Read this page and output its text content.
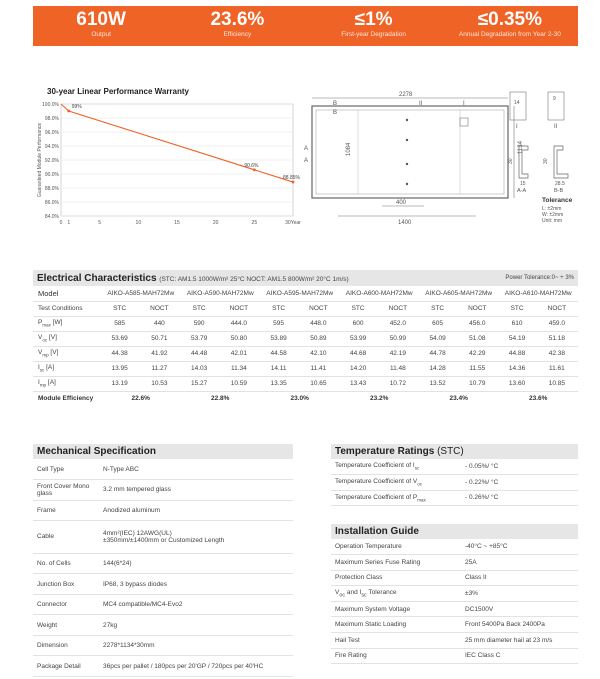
610W
Output
23.6%
Efficiency
≤1%
First-year Degradation
≤0.35%
Annual Degradation from Year 2-30
30-year Linear Performance Warranty
100.0%
98.0%
96.0%
94.0%
92.0%
90.0%
88.0%
86.0%
84.0%
0 1	5	10	15	20	25	30Year
Guaranteed Module Performance
99%
90.6%
88.85%
2278
B
B
II	I
A
A
1084	1134
400
1400
14
I
9
II
30
15
A-A
30
28.5
B-B
Tolerance
L: ±2mm
W: ±2mm
Unit: mm
Electrical Characteristics (STC: AM1.5 1000W/m² 25°C NOCT: AM1.5 800W/m² 20°C 1m/s)	Power Tolerance:0~ + 3%
Model	AIKO-A585-MAH72Mw		AIKO-A590-MAH72Mw		AIKO-A595-MAH72Mw		AIKO-A600-MAH72Mw		AIKO-A605-MAH72Mw		AIKO-A610-MAH72Mw	
Test Conditions	STC	NOCT	STC	NOCT	STC	NOCT	STC	NOCT	STC	NOCT	STC	NOCT
$P_{max}$ [W]	585	440	590	444.0	595	448.0	600	452.0	605	456.0	610	459.0
$V_{oc}$ [V]	53.69	50.71	53.79	50.80	53.89	50.89	53.99	50.99	54.09	51.08	54.19	51.18
$V_{mp}$ [V]	44.38	41.92	44.48	42.01	44.58	42.10	44.68	42.19	44.78	42.29	44.88	42.38
$I_{sc}$ [A]	13.95	11.27	14.03	11.34	14.11	11.41	14.20	11.48	14.28	11.55	14.36	11.61
$I_{mp}$ [A]	13.19	10.53	15.27	10.59	13.35	10.65	13.43	10.72	13.52	10.79	13.60	10.85
Module Efficiency	22.6%		22.8%		23.0%		23.2%		23.4%		23.6%	
Mechanical Specification
Cell Type	N-Type ABC

Front Cover Mono glass	3.2 mm tempered glass

Frame	Anodized aluminum

Cable	4mm²(IEC) 12AWG(UL)
±350mm/±1400mm or Customized Length

No. of Cells	144(6*24)

Junction Box	IP68, 3 bypass diodes

Connector	MC4 compatible/MC4-Evo2

Weight	27kg

Dimension	2278*1134*30mm

Package Detail	36pcs per pallet / 180pcs per 20'GP / 720pcs per 40'HC
Temperature Ratings (STC)
Temperature Coefficient of $I_{sc}$	- 0.05%/ °C

Temperature Coefficient of $V_{oc}$	- 0.22%/ °C

Temperature Coefficient of $P_{max}$	- 0.26%/ °C
Installation Guide
Operation Temperature	-40°C ~ +85°C

Maximum Series Fuse Rating	25A

Protection Class	Class II

$V_{oc}$ and $I_{sc}$ Tolerance	±3%

Maximum System Voltage	DC1500V

Maximum Static Loading	Front 5400Pa Back 2400Pa

Hail Test	25 mm diameter hail at 23 m/s

Fire Rating	IEC Class C
